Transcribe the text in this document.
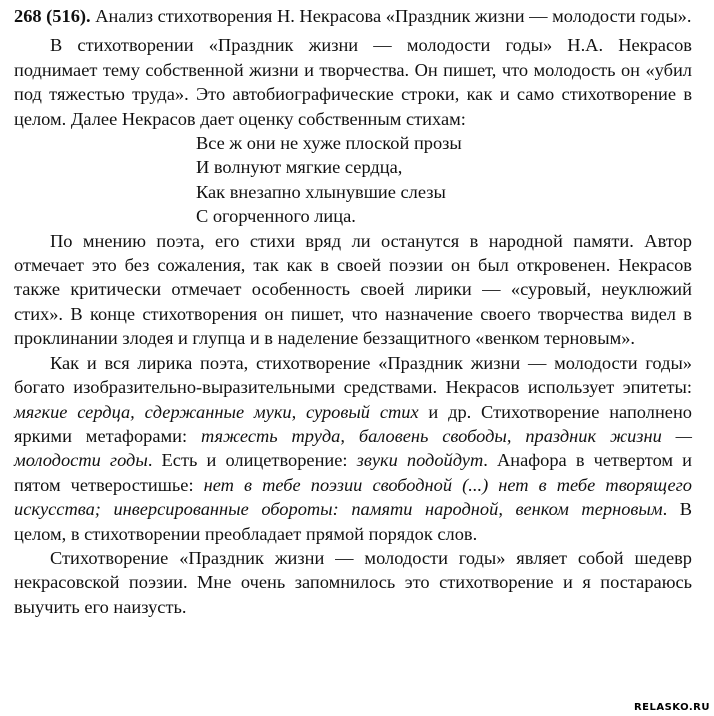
268 (516). Анализ стихотворения Н. Некрасова «Праздник жизни — молодости годы».

В стихотворении «Праздник жизни — молодости годы» Н.А. Некрасов поднимает тему собственной жизни и творчества. Он пишет, что молодость он «убил под тяжестью труда». Это автобиографические строки, как и само стихотворение в целом. Далее Некрасов дает оценку собственным стихам:

Все ж они не хуже плоской прозы
И волнуют мягкие сердца,
Как внезапно хлынувшие слезы
С огорченного лица.

По мнению поэта, его стихи вряд ли останутся в народной памяти. Автор отмечает это без сожаления, так как в своей поэзии он был откровенен. Некрасов также критически отмечает особенность своей лирики — «суровый, неуклюжий стих». В конце стихотворения он пишет, что назначение своего творчества видел в проклинании злодея и глупца и в наделение беззащитного «венком терновым».

Как и вся лирика поэта, стихотворение «Праздник жизни — молодости годы» богато изобразительно-выразительными средствами. Некрасов использует эпитеты: мягкие сердца, сдержанные муки, суровый стих и др. Стихотворение наполнено яркими метафорами: тяжесть труда, баловень свободы, праздник жизни — молодости годы. Есть и олицетворение: звуки подойдут. Анафора в четвертом и пятом четверостишье: нет в тебе поэзии свободной (...) нет в тебе творящего искусства; инверсированные обороты: памяти народной, венком терновым. В целом, в стихотворении преобладает прямой порядок слов.

Стихотворение «Праздник жизни — молодости годы» являет собой шедевр некрасовской поэзии. Мне очень запомнилось это стихотворение и я постараюсь выучить его наизусть.

RELASKO.RU
